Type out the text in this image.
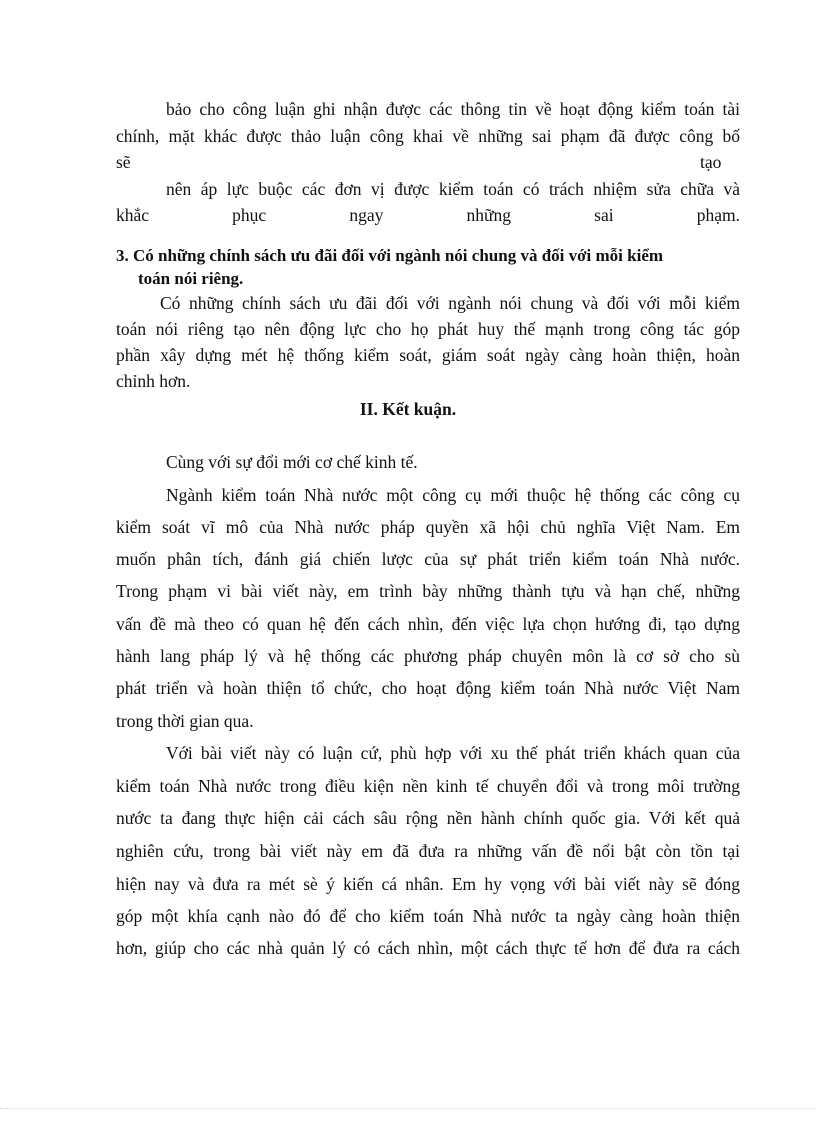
bảo cho công luận ghi nhận được các thông tin về hoạt động kiểm toán tài

chính, mặt khác được thảo luận công khai về những sai phạm đã được công bố

sẽ	tạo

nên áp lực buộc các đơn vị được kiểm toán có trách nhiệm sửa chữa và

khắc phục ngay những sai phạm.

3. Có những chính sách ưu đãi đối với ngành nói chung và đối với mỗi kiểm

toán nói riêng.

Có những chính sách ưu đãi đối với ngành nói chung và đối với mỗi kiểm

toán nói riêng tạo nên động lực cho họ phát huy thế mạnh trong công tác góp

phần xây dựng mét hệ thống kiểm soát, giám soát ngày càng hoàn thiện, hoàn

chỉnh hơn.

II. Kết kuận.

Cùng với sự đổi mới cơ chế kinh tế.

Ngành kiểm toán Nhà nước một công cụ mới thuộc hệ thống các công cụ

kiểm soát vĩ mô của Nhà nước pháp quyền xã hội chủ nghĩa Việt Nam. Em

muốn phân tích, đánh giá chiến lược của sự phát triển kiểm toán Nhà nước.

Trong phạm vi bài viết này, em trình bày những thành tựu và hạn chế, những

vấn đề mà theo có quan hệ đến cách nhìn, đến việc lựa chọn hướng đi, tạo dựng

hành lang pháp lý và hệ thống các phương pháp chuyên môn là cơ sở cho sù

phát triển và hoàn thiện tổ chức, cho hoạt động kiểm toán Nhà nước Việt Nam

trong thời gian qua.

Với bài viết này có luận cứ, phù hợp với xu thế phát triển khách quan của

kiểm toán Nhà nước trong điều kiện nền kinh tế chuyển đổi và trong môi trường

nước ta đang thực hiện cải cách sâu rộng nền hành chính quốc gia. Với kết quả

nghiên cứu, trong bài viết này em đã đưa ra những vấn đề nổi bật còn tồn tại

hiện nay và đưa ra mét sè ý kiến cá nhân. Em hy vọng với bài viết này sẽ đóng

góp một khía cạnh nào đó để cho kiểm toán Nhà nước ta ngày càng hoàn thiện

hơn, giúp cho các nhà quản lý có cách nhìn, một cách thực tế hơn để đưa ra cách
